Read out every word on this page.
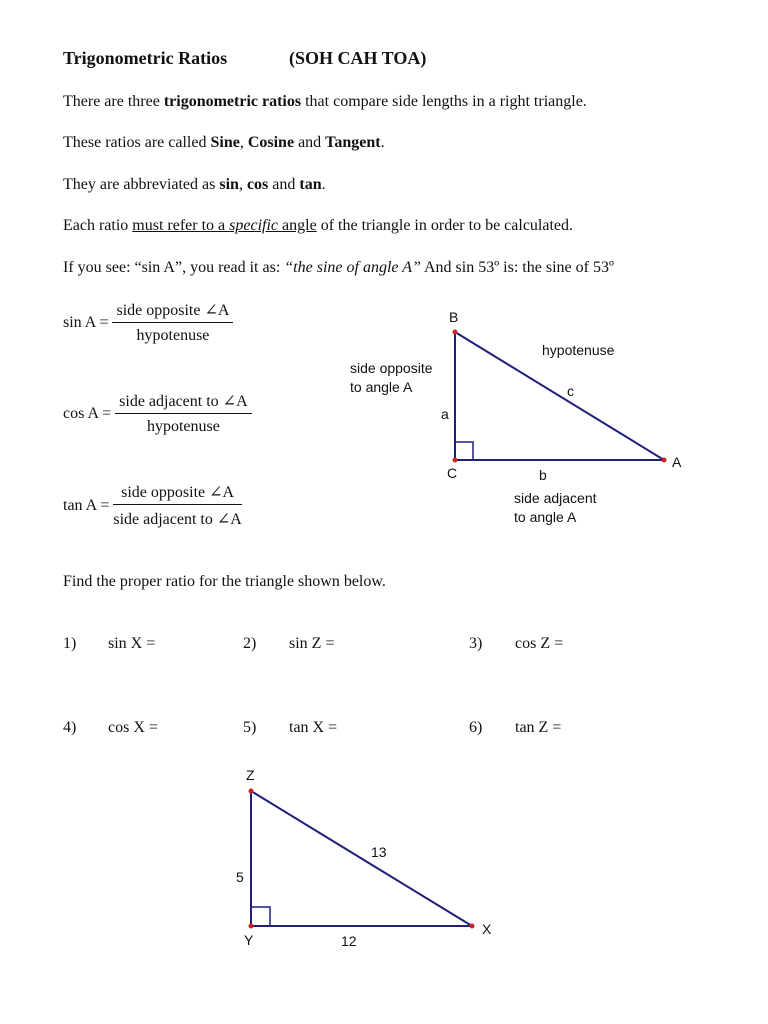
Trigonometric Ratios	(SOH CAH TOA)
There are three trigonometric ratios that compare side lengths in a right triangle.
These ratios are called Sine, Cosine and Tangent.
They are abbreviated as sin, cos and tan.
Each ratio must refer to a specific angle of the triangle in order to be calculated.
If you see: “sin A”, you read it as: “the sine of angle A” And sin 53º is: the sine of 53º
$\sin A = \frac{\text{side opposite ∠A}}{\text{hypotenuse}}$
$\cos A = \frac{\text{side adjacent to ∠A}}{\text{hypotenuse}}$
$\tan A = \frac{\text{side opposite ∠A}}{\text{side adjacent to ∠A}}$
B
C
A
a
b
c
hypotenuse
side opposite
to angle A
side adjacent
to angle A
Z
Y
X
5
12
13
Find the proper ratio for the triangle shown below.
1) sin X =	2) sin Z =	3) cos Z =
4) cos X =	5) tan X =	6) tan Z =
